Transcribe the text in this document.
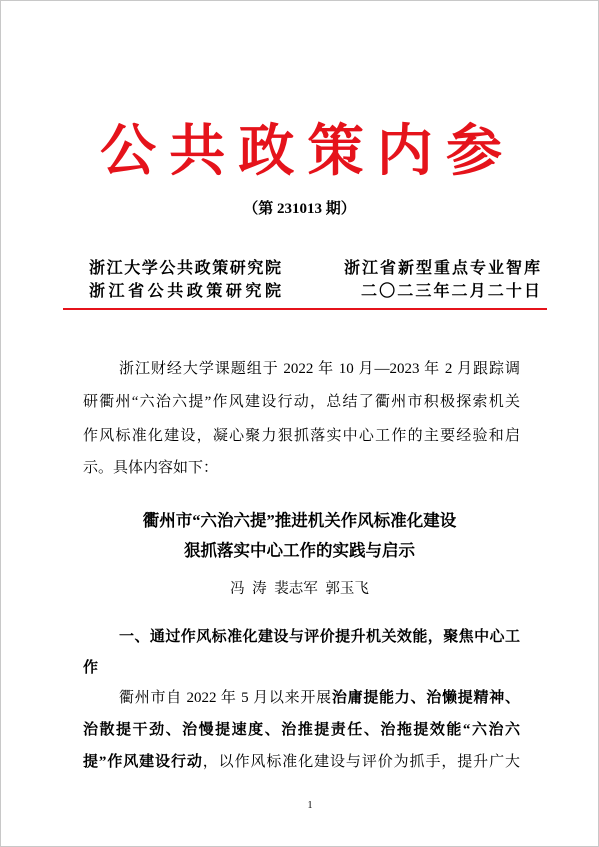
公共政策内参
（第 231013 期）
浙江大学公共政策研究院
浙江省公共政策研究院
浙江省新型重点专业智库
二〇二三年二月二十日
浙江财经大学课题组于 2022 年 10 月—2023 年 2 月跟踪调
研衢州“六治六提”作风建设行动，总结了衢州市积极探索机关
作风标准化建设，凝心聚力狠抓落实中心工作的主要经验和启
示。具体内容如下：
衢州市“六治六提”推进机关作风标准化建设
狠抓落实中心工作的实践与启示
冯 涛 裴志军 郭玉飞
一、通过作风标准化建设与评价提升机关效能，聚焦中心工
作
衢州市自 2022 年 5 月以来开展治庸提能力、治懒提精神、
治散提干劲、治慢提速度、治推提责任、治拖提效能“六治六
提”作风建设行动，以作风标准化建设与评价为抓手，提升广大
1
